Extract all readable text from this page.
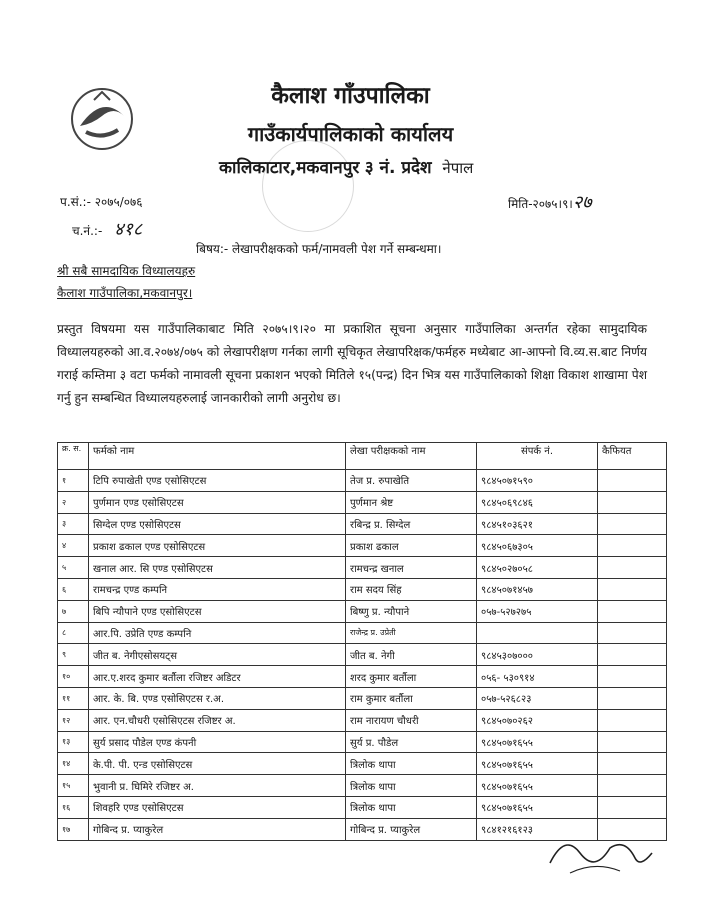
कैलाश गाँउपालिका
गाउँकार्यपालिकाको कार्यालय
कालिकाटार,मकवानपुर ३ नं. प्रदेश नेपाल
प.सं.:- २०७५/०७६
च.नं.:- ४१८
मिति-२०७५।९।२७
बिषय:- लेखापरीक्षकको फर्म/नामवली पेश गर्ने सम्बन्धमा।
श्री सबै सामदायिक विध्यालयहरु
कैलाश गाउँपालिका,मकवानपुर।
प्रस्तुत विषयमा यस गाउँपालिकाबाट मिति २०७५।९।२० मा प्रकाशित सूचना अनुसार गाउँपालिका अन्तर्गत रहेका सामुदायिक विध्यालयहरुको आ.व.२०७४/०७५ को लेखापरीक्षण गर्नका लागी सूचिकृत लेखापरिक्षक/फर्महरु मध्येबाट आ-आफ्नो वि.व्य.स.बाट निर्णय गराई कम्तिमा ३ वटा फर्मको नामावली सूचना प्रकाशन भएको मितिले १५(पन्द्र) दिन भित्र यस गाउँपालिकाको शिक्षा विकाश शाखामा पेश गर्नु हुन सम्बन्धित विध्यालयहरुलाई जानकारीको लागी अनुरोध छ।
क्र. स.	फर्मको नाम	लेखा परीक्षकको नाम	संपर्क नं.	कैफियत
१	टिपि रुपाखेती एण्ड एसोसिएटस	तेज प्र. रुपाखेति	९८४५०७१५९०	
२	पुर्णमान एण्ड एसोसिएटस	पुर्णमान श्रेष्ट	९८४५०६९८४६	
३	सिग्देल एण्ड एसोसिएटस	रबिन्द्र प्र. सिग्देल	९८४५१०३६२१	
४	प्रकाश ढकाल एण्ड एसोसिएटस	प्रकाश ढकाल	९८४५०६७३०५	
५	खनाल आर. सि एण्ड एसोसिएटस	रामचन्द्र खनाल	९८४५०२७०५८	
६	रामचन्द्र एण्ड कम्पनि	राम सदय सिंह	९८४५०७१४५७	
७	बिपि न्यौपाने एण्ड एसोसिएटस	बिष्णु प्र. न्यौपाने	०५७-५२७२७५	
८	आर.पि. उप्रेति एण्ड कम्पनि	राजेन्द्र प्र. उप्रेती		
९	जीत ब. नेगीएसोसयट्स	जीत ब. नेगी	९८४५३०७०००	
१०	आर.ए.शरद कुमार बर्तौला रजिष्टर अडिटर	शरद कुमार बर्तौला	०५६- ५३०९१४	
११	आर. के. बि. एण्ड एसोसिएटस र.अ.	राम कुमार बर्तौला	०५७-५२६८२३	
१२	आर. एन.चौधरी एसोसिएटस रजिष्टर अ.	राम नारायण चौधरी	९८४५०७०२६२	
१३	सुर्य प्रसाद पौडेल एण्ड कंपनी	सुर्य प्र. पौडेल	९८४५०७१६५५	
१४	के.पी. पी. एन्ड एसोसिएटस	त्रिलोक थापा	९८४५०७१६५५	
१५	भुवानी प्र. घिमिरे रजिष्टर अ.	त्रिलोक थापा	९८४५०७१६५५	
१६	शिवहरि एण्ड एसोसिएटस	त्रिलोक थापा	९८४५०७१६५५	
१७	गोबिन्द प्र. प्याकुरेल	गोबिन्द प्र. प्याकुरेल	९८४१२१६१२३	
